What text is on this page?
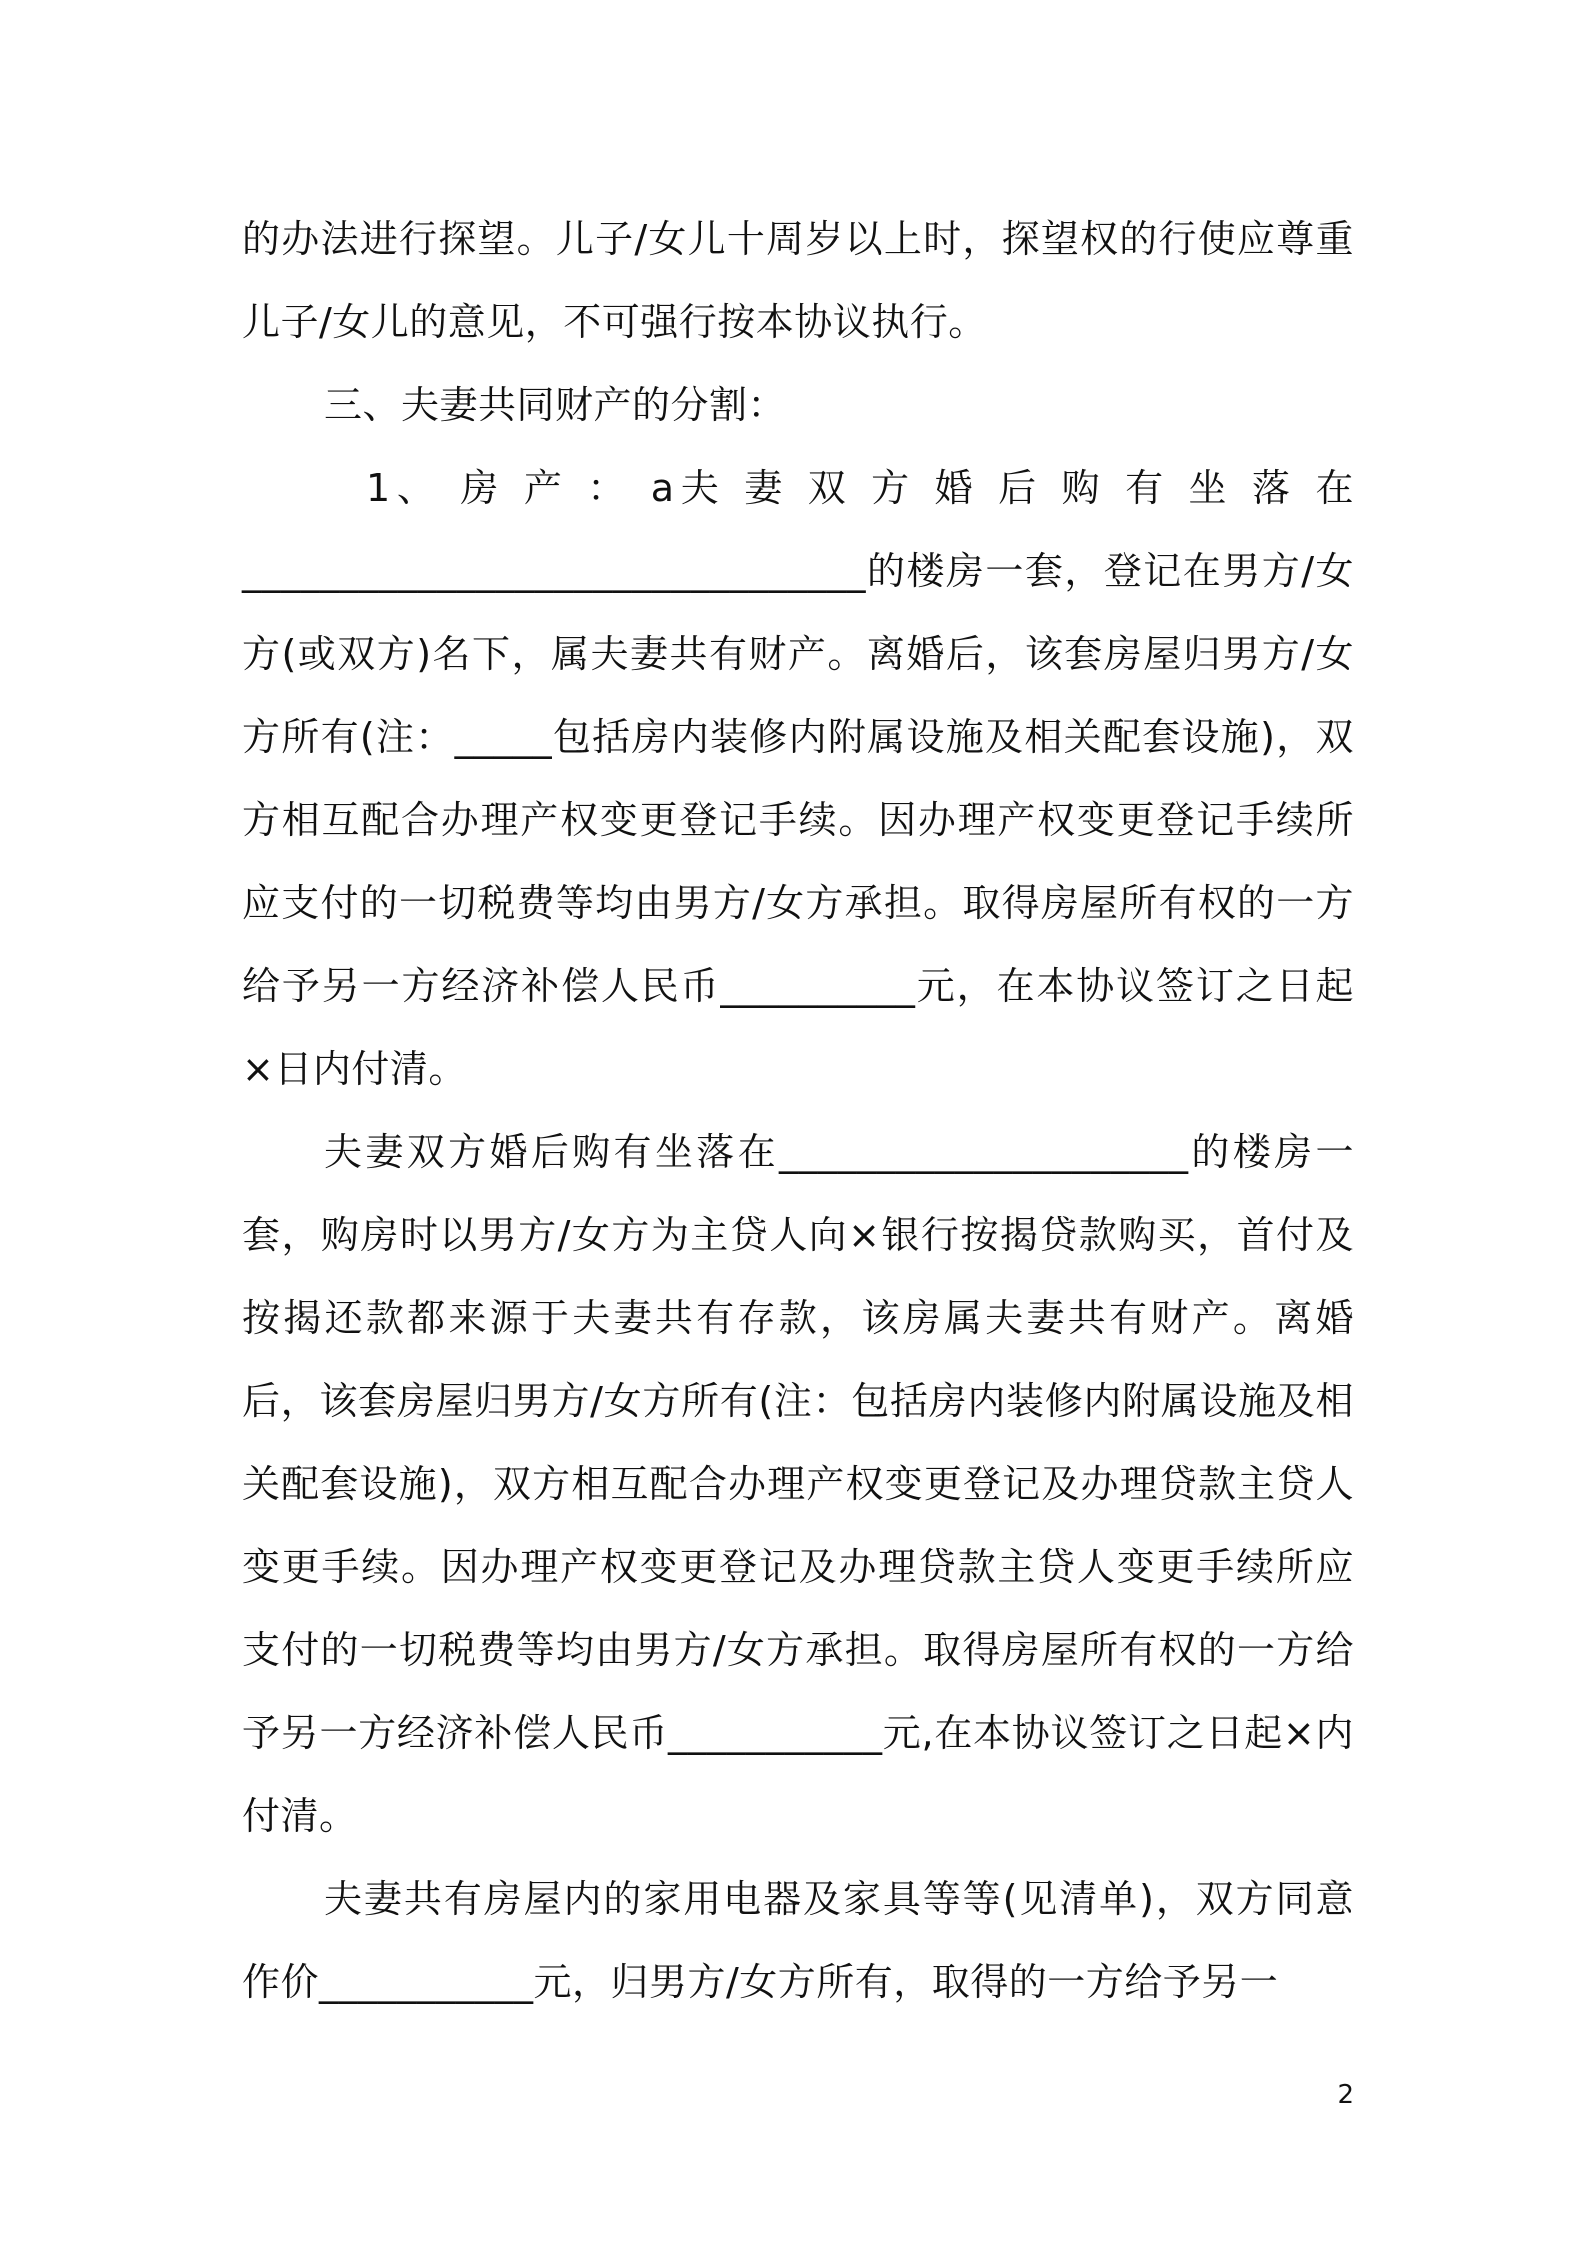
的办法进行探望。儿子/女儿十周岁以上时，探望权的行使应尊重儿子/女儿的意见，不可强行按本协议执行。

三、夫妻共同财产的分割：

1、 房 产 ： a夫 妻 双 方 婚 后 购 有 坐 落 在________________________________的楼房一套，登记在男方/女方(或双方)名下，属夫妻共有财产。离婚后，该套房屋归男方/女方所有(注：_____包括房内装修内附属设施及相关配套设施)，双方相互配合办理产权变更登记手续。因办理产权变更登记手续所应支付的一切税费等均由男方/女方承担。取得房屋所有权的一方给予另一方经济补偿人民币__________元，在本协议签订之日起×日内付清。

夫妻双方婚后购有坐落在_____________________的楼房一套，购房时以男方/女方为主贷人向×银行按揭贷款购买，首付及按揭还款都来源于夫妻共有存款，该房属夫妻共有财产。离婚后，该套房屋归男方/女方所有(注：包括房内装修内附属设施及相关配套设施)，双方相互配合办理产权变更登记及办理贷款主贷人变更手续。因办理产权变更登记及办理贷款主贷人变更手续所应支付的一切税费等均由男方/女方承担。取得房屋所有权的一方给予另一方经济补偿人民币___________元,在本协议签订之日起×内付清。

夫妻共有房屋内的家用电器及家具等等(见清单)，双方同意作价___________元，归男方/女方所有，取得的一方给予另一

2
